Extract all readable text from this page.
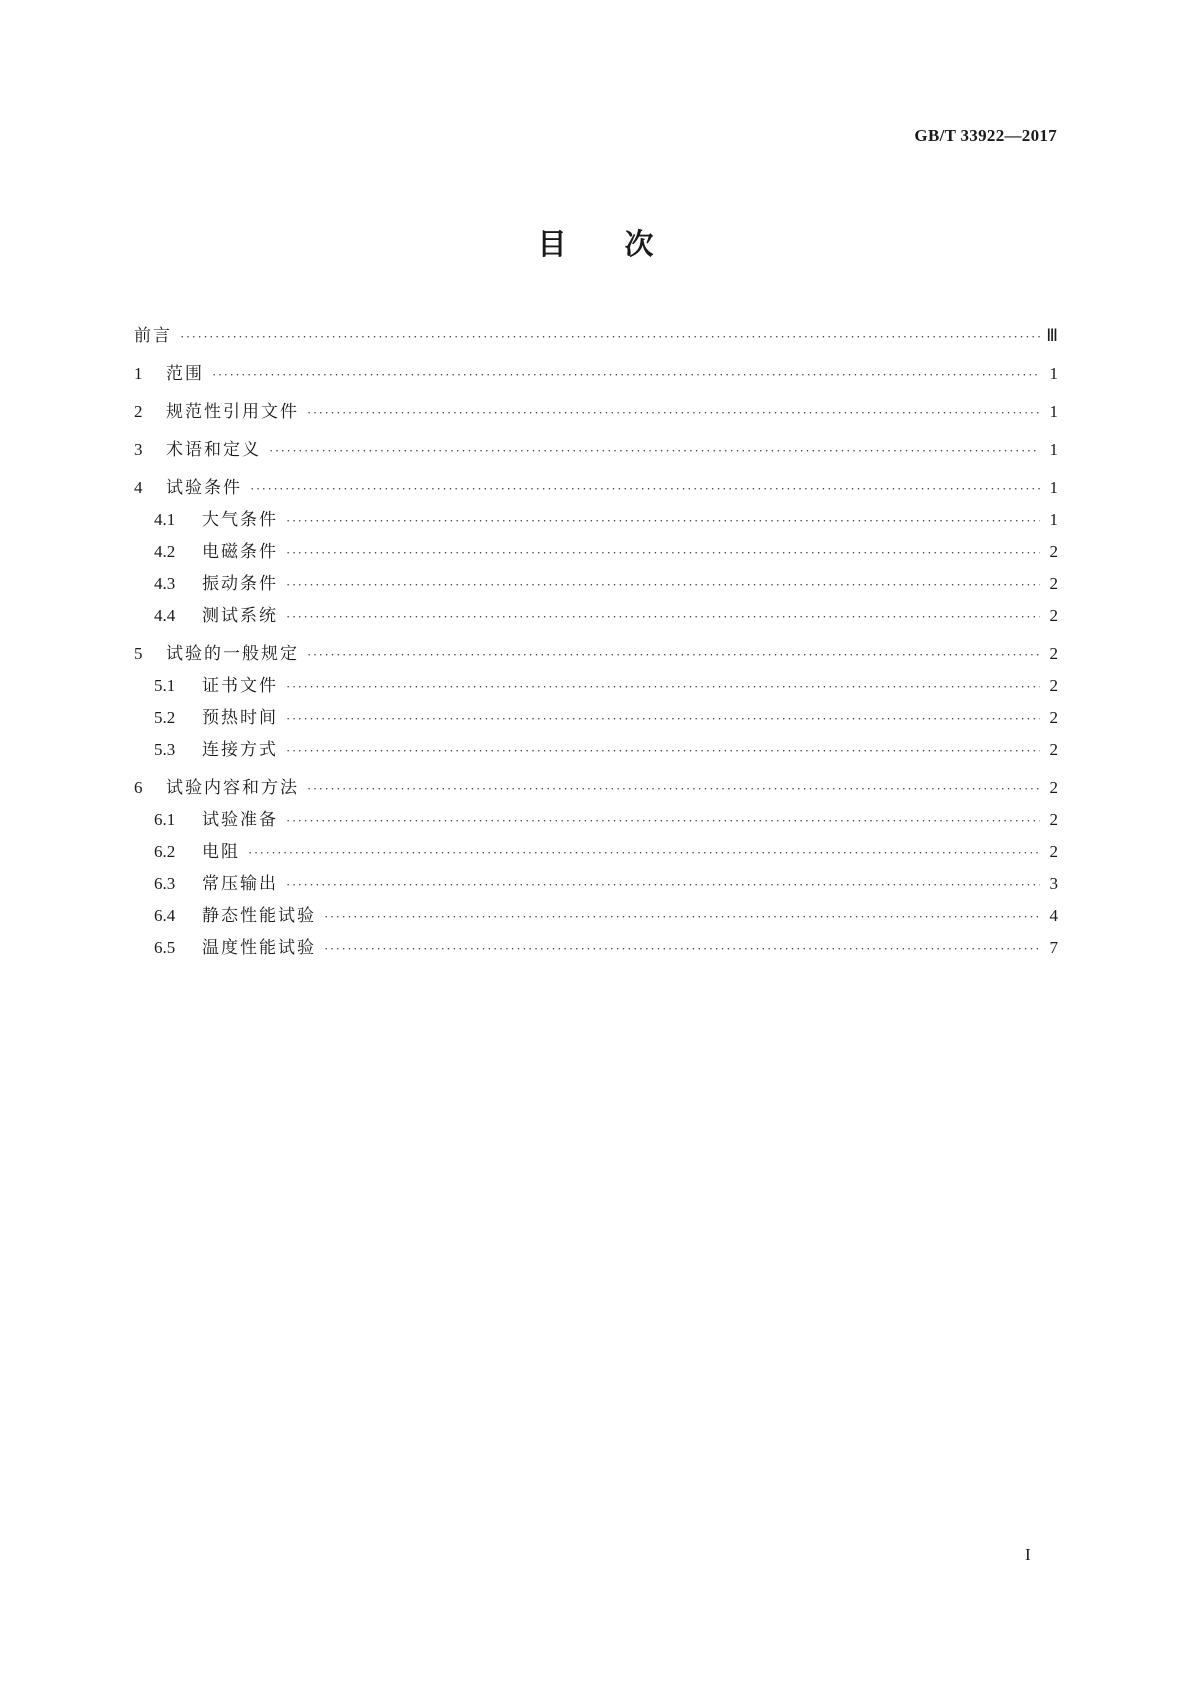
GB/T 33922—2017
目次
前言 ·····	Ⅲ
1	范围 ·····	1
2	规范性引用文件 ·····	1
3	术语和定义 ·····	1
4	试验条件 ·····	1
4.1	大气条件 ·····	1
4.2	电磁条件 ·····	2
4.3	振动条件 ·····	2
4.4	测试系统 ·····	2
5	试验的一般规定 ·····	2
5.1	证书文件 ·····	2
5.2	预热时间 ·····	2
5.3	连接方式 ·····	2
6	试验内容和方法 ·····	2
6.1	试验准备 ·····	2
6.2	电阻 ·····	2
6.3	常压输出 ·····	3
6.4	静态性能试验 ·····	4
6.5	温度性能试验 ·····	7
I
